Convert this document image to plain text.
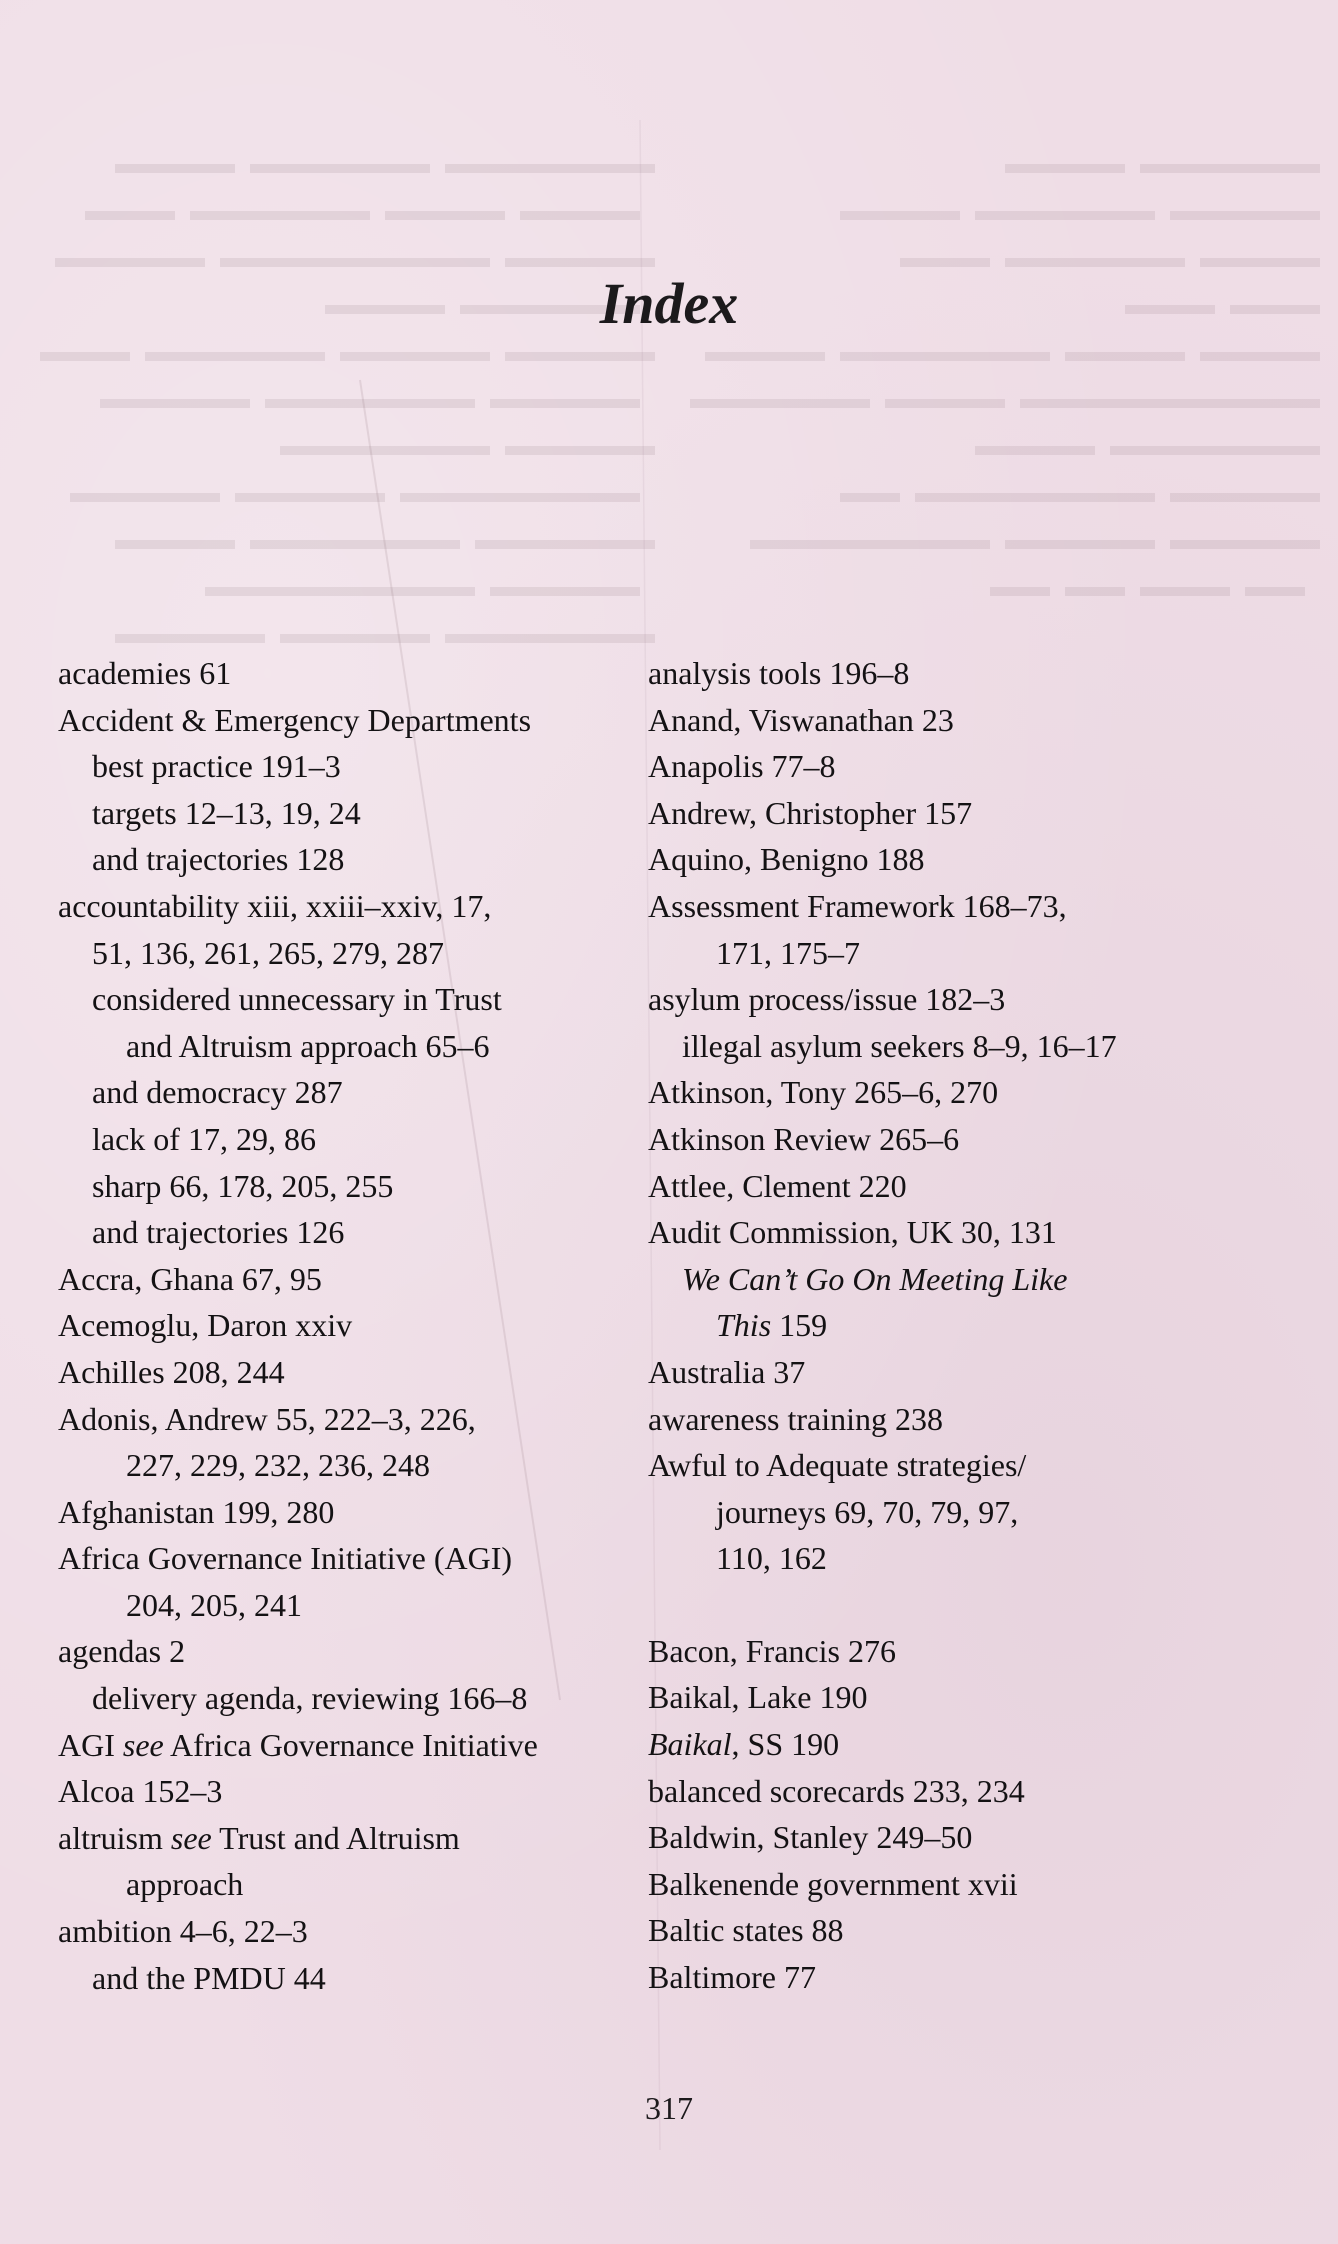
▬▬▬▬▬▬▬  ▬▬▬▬▬▬  ▬▬▬▬
▬▬▬▬  ▬▬▬▬  ▬▬▬▬▬▬  ▬▬▬
▬▬▬▬▬  ▬▬▬▬▬▬▬▬▬  ▬▬▬▬▬
▬▬▬▬▬▬  ▬▬▬▬
▬▬▬▬▬  ▬▬▬▬▬  ▬▬▬▬▬▬  ▬▬▬
▬▬▬▬▬  ▬▬▬▬▬▬▬  ▬▬▬▬▬
▬▬▬▬▬  ▬▬▬▬▬▬▬
▬▬▬▬▬▬▬▬  ▬▬▬▬▬  ▬▬▬▬▬
▬▬▬▬▬▬  ▬▬▬▬▬▬▬  ▬▬▬▬
▬▬▬▬▬  ▬▬▬▬▬▬▬▬▬
▬▬▬▬▬▬▬  ▬▬▬▬▬  ▬▬▬▬▬
▬▬▬▬▬▬  ▬▬▬▬
▬▬▬▬▬  ▬▬▬▬▬▬  ▬▬▬▬
▬▬▬▬  ▬▬▬▬▬▬  ▬▬▬
▬▬▬  ▬▬▬
▬▬▬▬  ▬▬▬▬  ▬▬▬▬▬▬▬  ▬▬▬▬
▬▬▬▬▬▬▬▬▬▬  ▬▬▬▬  ▬▬▬▬▬▬
▬▬▬▬▬▬▬  ▬▬▬▬
▬▬▬▬▬  ▬▬▬▬▬▬▬▬  ▬▬
▬▬▬▬▬  ▬▬▬▬▬  ▬▬▬▬▬▬▬▬
▬▬  ▬▬▬  ▬▬  ▬▬
Index
academies 61
Accident & Emergency Departments
best practice 191–3
targets 12–13, 19, 24
and trajectories 128
accountability xiii, xxiii–xxiv, 17,
51, 136, 261, 265, 279, 287
considered unnecessary in Trust
and Altruism approach 65–6
and democracy 287
lack of 17, 29, 86
sharp 66, 178, 205, 255
and trajectories 126
Accra, Ghana 67, 95
Acemoglu, Daron xxiv
Achilles 208, 244
Adonis, Andrew 55, 222–3, 226,
227, 229, 232, 236, 248
Afghanistan 199, 280
Africa Governance Initiative (AGI)
204, 205, 241
agendas 2
delivery agenda, reviewing 166–8
AGI see Africa Governance Initiative
Alcoa 152–3
altruism see Trust and Altruism
approach
ambition 4–6, 22–3
and the PMDU 44
analysis tools 196–8
Anand, Viswanathan 23
Anapolis 77–8
Andrew, Christopher 157
Aquino, Benigno 188
Assessment Framework 168–73,
171, 175–7
asylum process/issue 182–3
illegal asylum seekers 8–9, 16–17
Atkinson, Tony 265–6, 270
Atkinson Review 265–6
Attlee, Clement 220
Audit Commission, UK 30, 131
We Can’t Go On Meeting Like
This 159
Australia 37
awareness training 238
Awful to Adequate strategies/
journeys 69, 70, 79, 97,
110, 162
Bacon, Francis 276
Baikal, Lake 190
Baikal, SS 190
balanced scorecards 233, 234
Baldwin, Stanley 249–50
Balkenende government xvii
Baltic states 88
Baltimore 77
317
